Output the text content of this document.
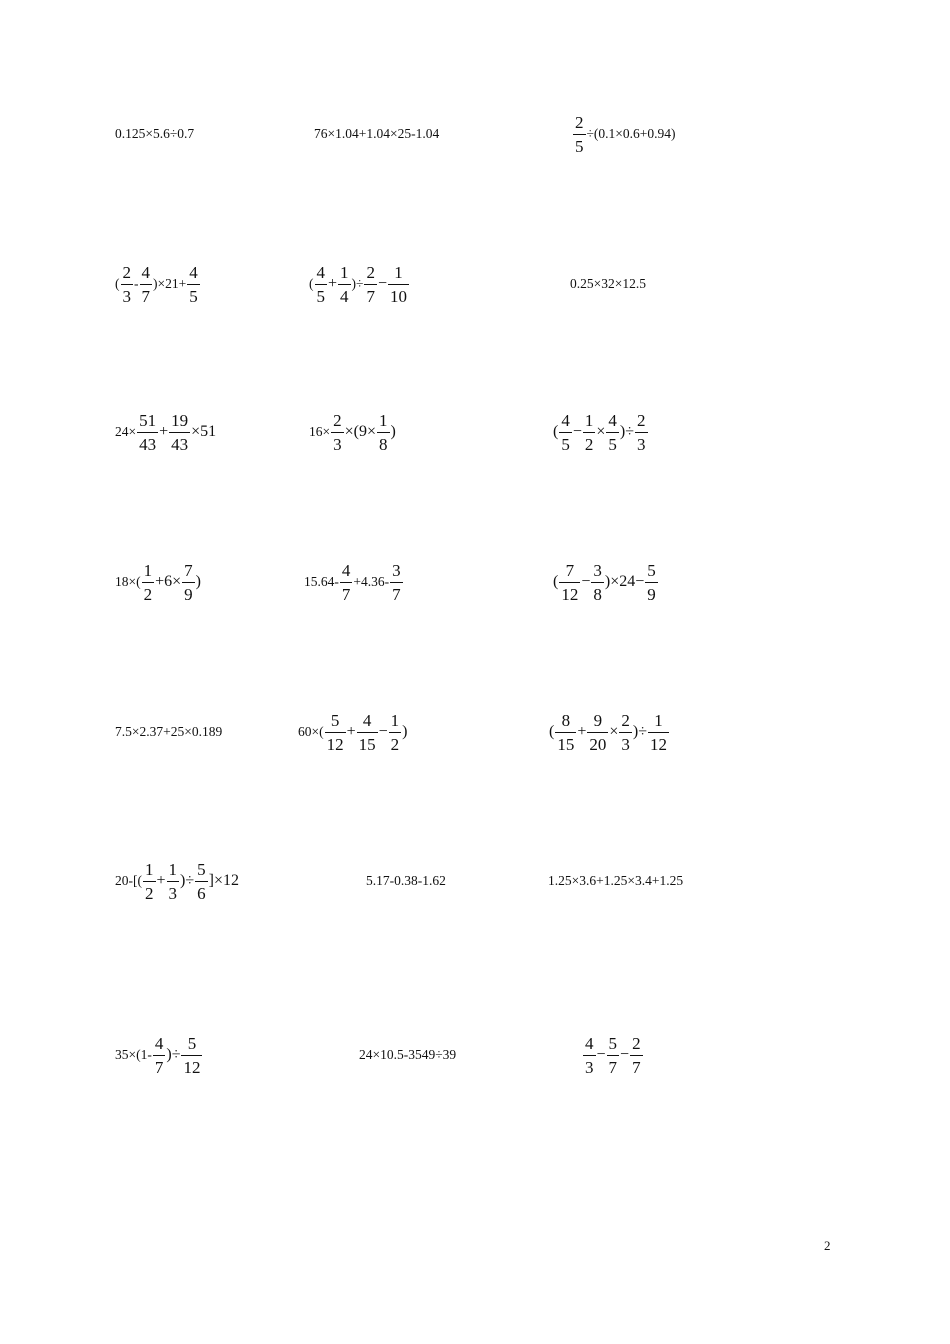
0.125×5.6÷0.7	76×1.04+1.04×25-1.04	$\frac{2}{5} \div(0.1\times 0.6+0.94)$
( $\frac{2}{3} - \frac{4}{7} )\times 21+ \frac{4}{5}$	( $\frac{4}{5} + \frac{1}{4}$ )÷ $\frac{2}{7} - \frac{1}{10}$	0.25×32×12.5
$24\times \frac{51}{43} + \frac{19}{43} \times 51$	$16\times \frac{2}{3} \times(9\times \frac{1}{8}$ )	( $\frac{4}{5} - \frac{1}{2} \times \frac{4}{5}$ )÷ $\frac{2}{3}$
$18\times( \frac{1}{2} +6\times \frac{7}{9}$ )	$15.64- \frac{4}{7} +4.36- \frac{3}{7}$	( $\frac{7}{12} - \frac{3}{8} )\times 24- \frac{5}{9}$
7.5×2.37+25×0.189	$60\times( \frac{5}{12} + \frac{4}{15} - \frac{1}{2}$ )	( $\frac{8}{15} + \frac{9}{20} \times \frac{2}{3}$ )÷ $\frac{1}{12}$
$20-[( \frac{1}{2} + \frac{1}{3}$ )÷ $\frac{5}{6} ]\times 12$	5.17-0.38-1.62	1.25×3.6+1.25×3.4+1.25
$35\times(1- \frac{4}{7}$ )÷ $\frac{5}{12}$	24×10.5-3549÷39	$\frac{4}{3} - \frac{5}{7} - \frac{2}{7}$
2
